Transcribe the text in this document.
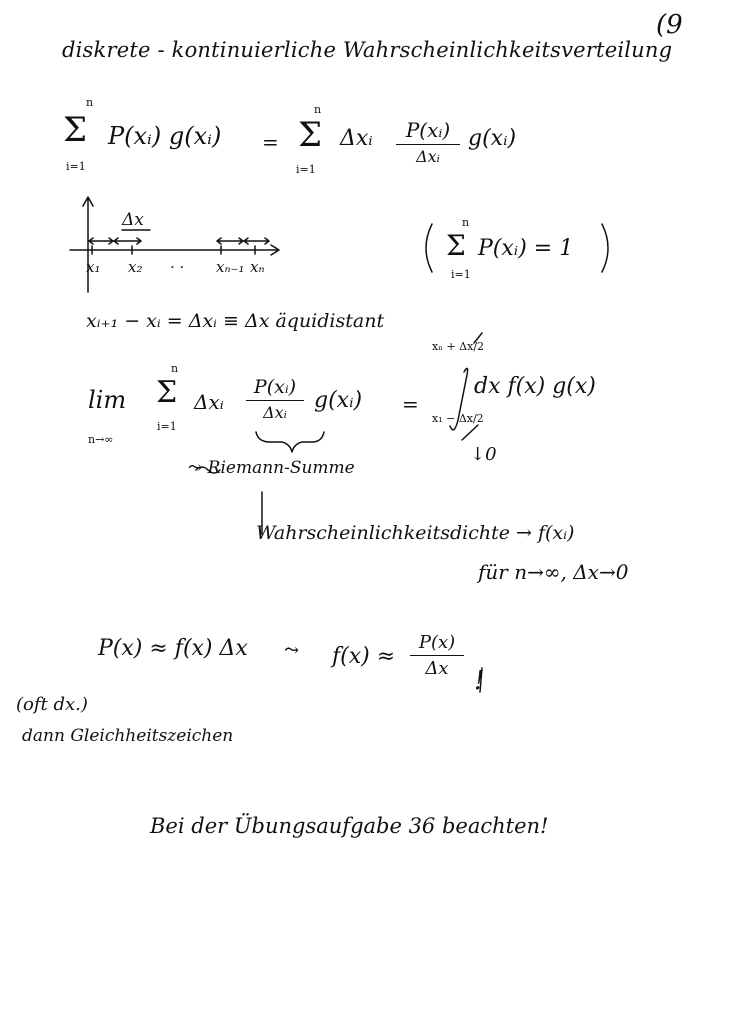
(9
diskrete - kontinuierliche Wahrscheinlichkeitsverteilung
n
Σ
i=1
P(xᵢ) g(xᵢ) =
n
Σ
i=1
Δxᵢ	P(xᵢ)
Δxᵢ
g(xᵢ)
Δx
x₁ x₂ · · xₙ₋₁ xₙ
n
Σ
i=1
P(xᵢ) = 1
xᵢ₊₁ − xᵢ = Δxᵢ ≡ Δx äquidistant
lim
n→∞
n
Σ
i=1
Δxᵢ
P(xᵢ)
Δxᵢ	g(xᵢ) =
xₙ + Δx/2
x₁ − Δx/2
dx f(x) g(x)
↓0
⤳ Riemann-Summe
Wahrscheinlichkeitsdichte → f(xᵢ)
für n→∞, Δx→0
P(x) ≈ f(x) Δx ⤳ f(x) ≈
P(x)
Δx !
(oft dx.)
dann Gleichheitszeichen
Bei der Übungsaufgabe 36 beachten!
